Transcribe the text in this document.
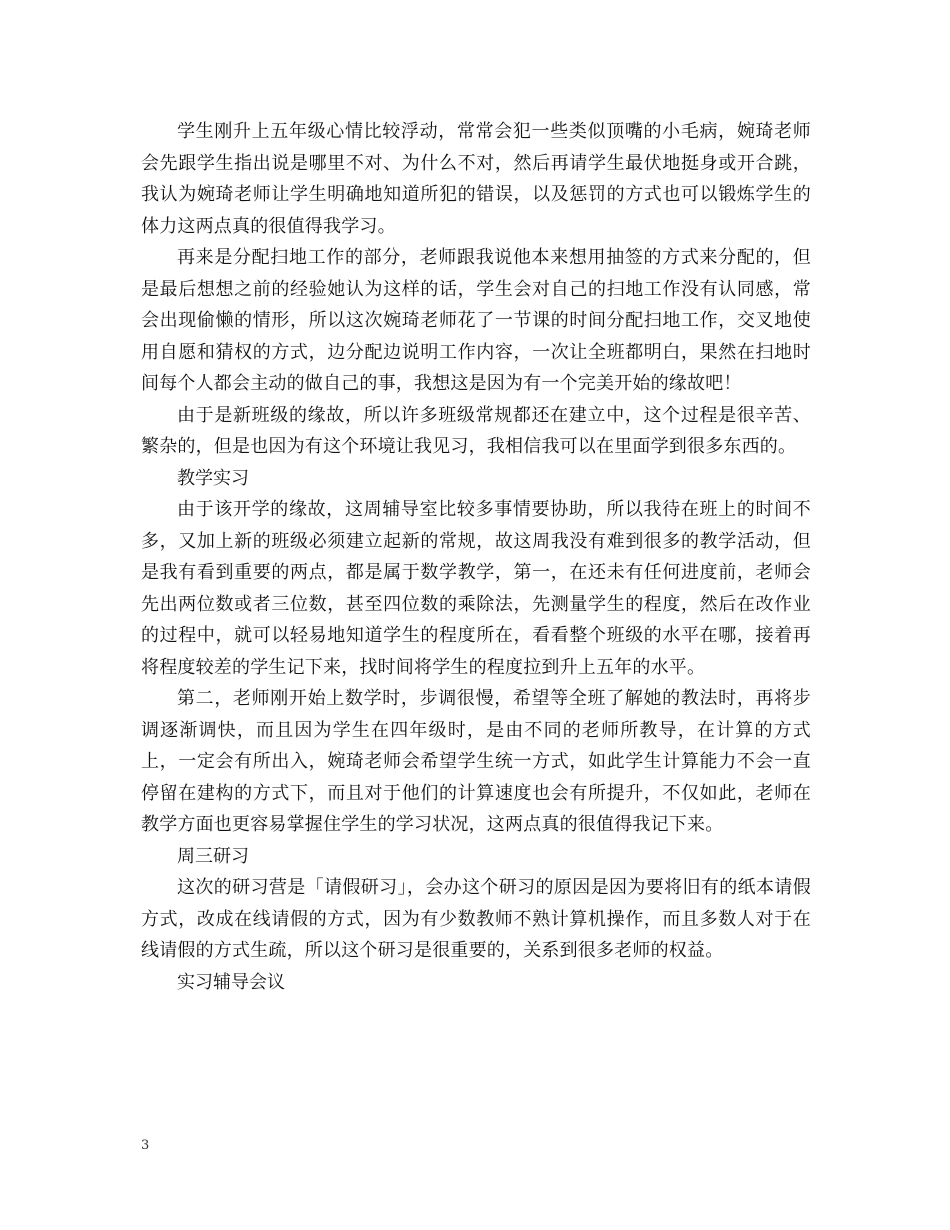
学生刚升上五年级心情比较浮动，常常会犯一些类似顶嘴的小毛病，婉琦老师会先跟学生指出说是哪里不对、为什么不对，然后再请学生最伏地挺身或开合跳，我认为婉琦老师让学生明确地知道所犯的错误，以及惩罚的方式也可以锻炼学生的体力这两点真的很值得我学习。

再来是分配扫地工作的部分，老师跟我说他本来想用抽签的方式来分配的，但是最后想想之前的经验她认为这样的话，学生会对自己的扫地工作没有认同感，常会出现偷懒的情形，所以这次婉琦老师花了一节课的时间分配扫地工作，交叉地使用自愿和猜权的方式，边分配边说明工作内容，一次让全班都明白，果然在扫地时间每个人都会主动的做自己的事，我想这是因为有一个完美开始的缘故吧！

由于是新班级的缘故，所以许多班级常规都还在建立中，这个过程是很辛苦、繁杂的，但是也因为有这个环境让我见习，我相信我可以在里面学到很多东西的。

教学实习

由于该开学的缘故，这周辅导室比较多事情要协助，所以我待在班上的时间不多，又加上新的班级必须建立起新的常规，故这周我没有难到很多的教学活动，但是我有看到重要的两点，都是属于数学教学，第一，在还未有任何进度前，老师会先出两位数或者三位数，甚至四位数的乘除法，先测量学生的程度，然后在改作业的过程中，就可以轻易地知道学生的程度所在，看看整个班级的水平在哪，接着再将程度较差的学生记下来，找时间将学生的程度拉到升上五年的水平。

第二，老师刚开始上数学时，步调很慢，希望等全班了解她的教法时，再将步调逐渐调快，而且因为学生在四年级时，是由不同的老师所教导，在计算的方式上，一定会有所出入，婉琦老师会希望学生统一方式，如此学生计算能力不会一直停留在建构的方式下，而且对于他们的计算速度也会有所提升，不仅如此，老师在教学方面也更容易掌握住学生的学习状况，这两点真的很值得我记下来。

周三研习

这次的研习营是「请假研习」，会办这个研习的原因是因为要将旧有的纸本请假方式，改成在线请假的方式，因为有少数教师不熟计算机操作，而且多数人对于在线请假的方式生疏，所以这个研习是很重要的，关系到很多老师的权益。

实习辅导会议

3
